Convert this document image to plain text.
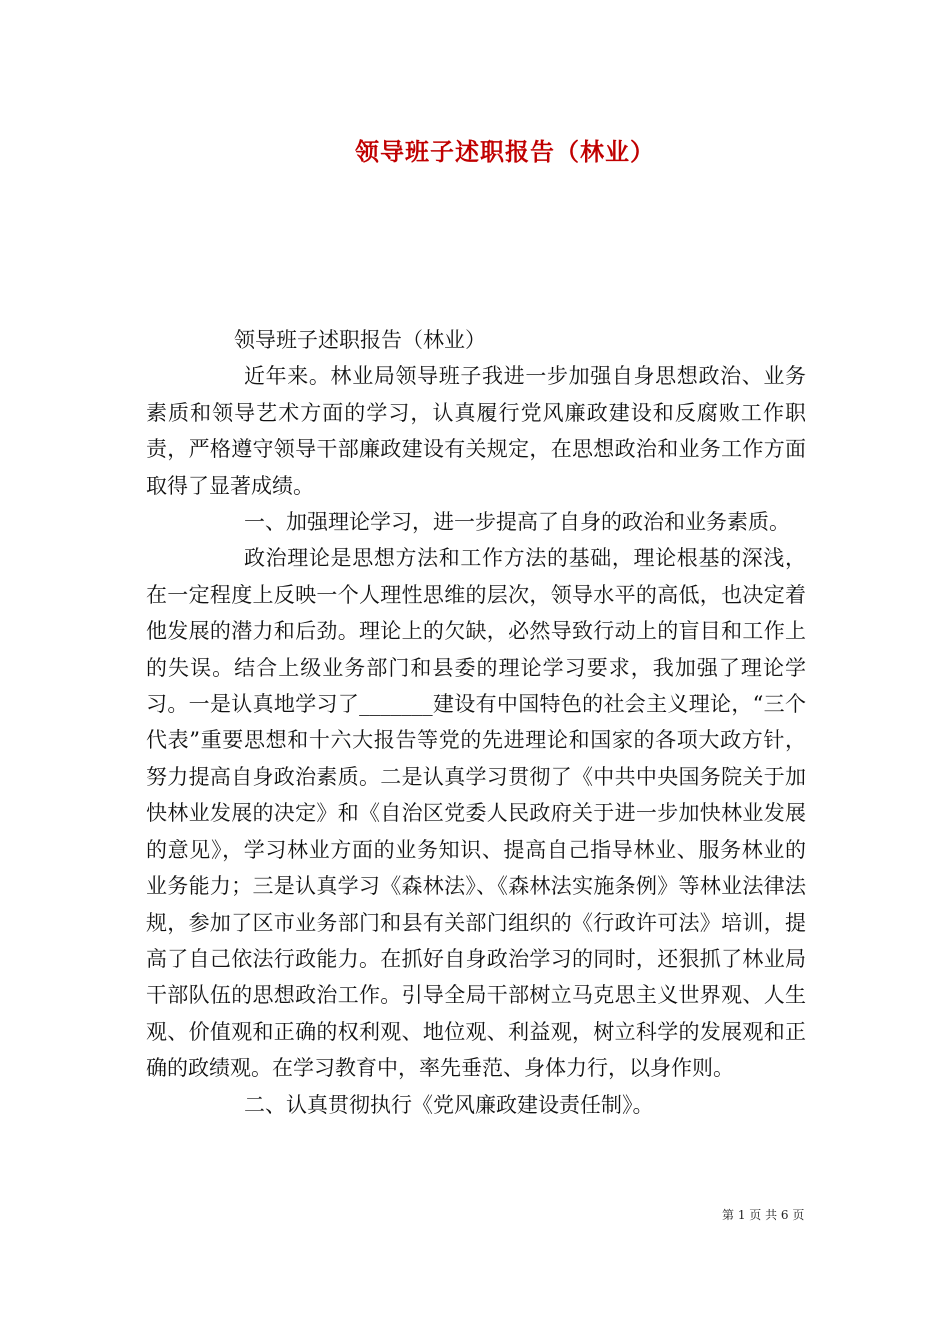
领导班子述职报告（林业）

领导班子述职报告（林业）

近年来。林业局领导班子我进一步加强自身思想政治、业务素质和领导艺术方面的学习，认真履行党风廉政建设和反腐败工作职责，严格遵守领导干部廉政建设有关规定，在思想政治和业务工作方面取得了显著成绩。

一、加强理论学习，进一步提高了自身的政治和业务素质。

政治理论是思想方法和工作方法的基础，理论根基的深浅，在一定程度上反映一个人理性思维的层次，领导水平的高低，也决定着他发展的潜力和后劲。理论上的欠缺，必然导致行动上的盲目和工作上的失误。结合上级业务部门和县委的理论学习要求，我加强了理论学习。一是认真地学习了_______建设有中国特色的社会主义理论，“三个代表”重要思想和十六大报告等党的先进理论和国家的各项大政方针，努力提高自身政治素质。二是认真学习贯彻了《中共中央国务院关于加快林业发展的决定》和《自治区党委人民政府关于进一步加快林业发展的意见》，学习林业方面的业务知识、提高自己指导林业、服务林业的业务能力；三是认真学习《森林法》、《森林法实施条例》等林业法律法规，参加了区市业务部门和县有关部门组织的《行政许可法》培训，提高了自己依法行政能力。在抓好自身政治学习的同时，还狠抓了林业局干部队伍的思想政治工作。引导全局干部树立马克思主义世界观、人生观、价值观和正确的权利观、地位观、利益观，树立科学的发展观和正确的政绩观。在学习教育中，率先垂范、身体力行，以身作则。

二、认真贯彻执行《党风廉政建设责任制》。

第 1 页 共 6 页
